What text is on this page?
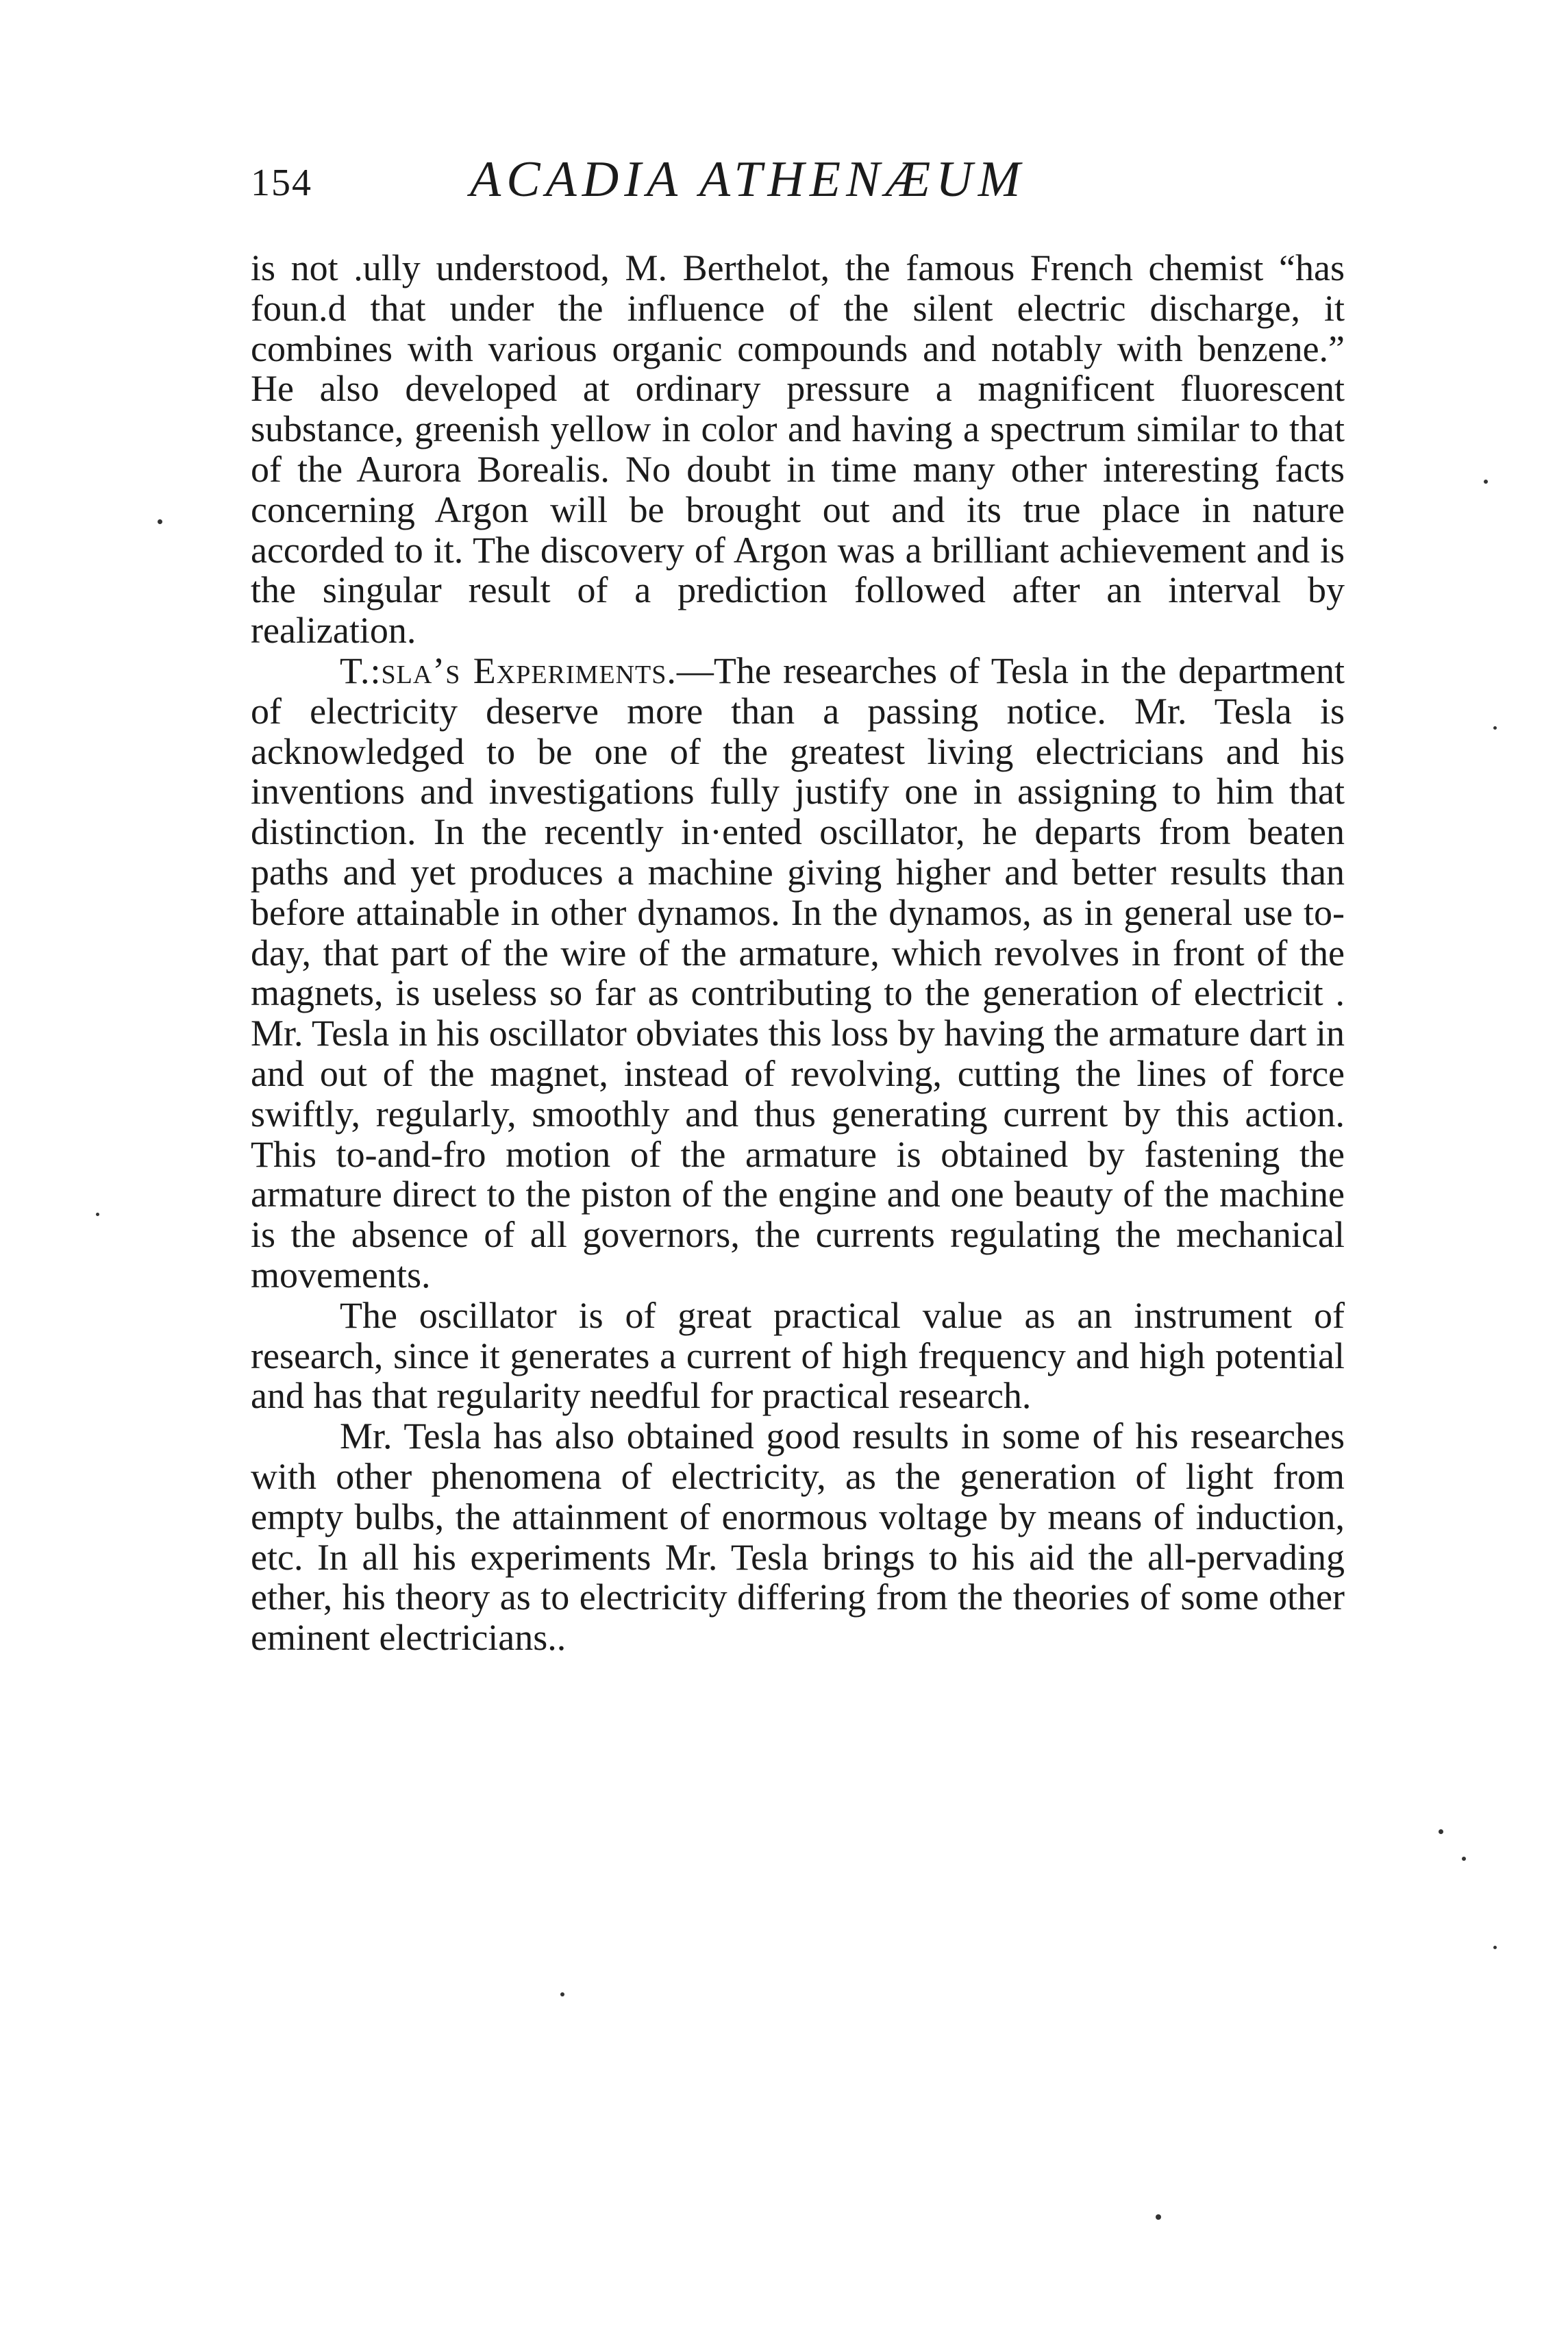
154	ACADIA ATHENÆUM

is not .ully understood, M. Berthelot, the famous French chemist “has foun.d that under the influence of the silent electric discharge, it combines with various organic compounds and notably with benzene.” He also developed at ordinary pressure a magnificent fluorescent substance, greenish yellow in color and having a spectrum similar to that of the Aurora Borealis. No doubt in time many other interesting facts concerning Argon will be brought out and its true place in nature accorded to it. The discovery of Argon was a brilliant achievement and is the singular result of a prediction followed after an interval by realization.

T.:sla’s Experiments.—The researches of Tesla in the department of electricity deserve more than a passing notice. Mr. Tesla is acknowledged to be one of the greatest living electricians and his inventions and investigations fully justify one in assigning to him that distinction. In the recently in·ented oscillator, he departs from beaten paths and yet produces a machine giving higher and better results than before attainable in other dynamos. In the dynamos, as in general use to-day, that part of the wire of the armature, which revolves in front of the magnets, is useless so far as contributing to the generation of electricit . Mr. Tesla in his oscillator obviates this loss by having the armature dart in and out of the magnet, instead of revolving, cutting the lines of force swiftly, regularly, smoothly and thus generating current by this action. This to-and-fro motion of the armature is obtained by fastening the armature direct to the piston of the engine and one beauty of the machine is the absence of all governors, the currents regulating the mechanical movements.

The oscillator is of great practical value as an instrument of research, since it generates a current of high frequency and high potential and has that regularity needful for practical research.

Mr. Tesla has also obtained good results in some of his researches with other phenomena of electricity, as the generation of light from empty bulbs, the attainment of enormous voltage by means of induction, etc. In all his experiments Mr. Tesla brings to his aid the all-pervading ether, his theory as to electricity differing from the theories of some other eminent electricians..
